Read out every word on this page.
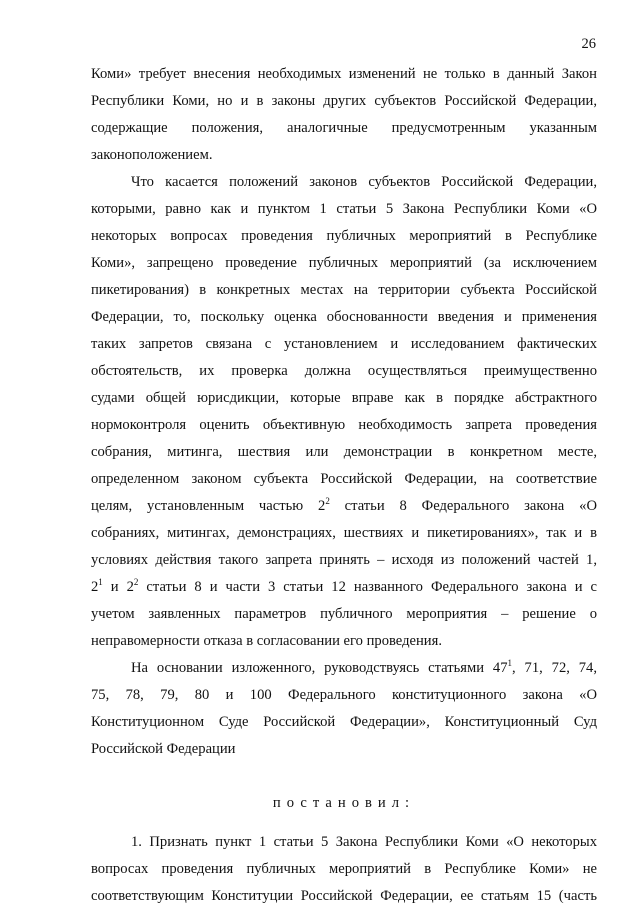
26
Коми» требует внесения необходимых изменений не только в данный Закон
Республики Коми, но и в законы других субъектов Российской Федерации,
содержащие положения, аналогичные предусмотренным указанным
законоположением.
Что касается положений законов субъектов Российской Федерации,
которыми, равно как и пунктом 1 статьи 5 Закона Республики Коми «О
некоторых вопросах проведения публичных мероприятий в Республике
Коми», запрещено проведение публичных мероприятий (за исключением
пикетирования) в конкретных местах на территории субъекта Российской
Федерации, то, поскольку оценка обоснованности введения и применения
таких запретов связана с установлением и исследованием фактических
обстоятельств, их проверка должна осуществляться преимущественно
судами общей юрисдикции, которые вправе как в порядке абстрактного
нормоконтроля оценить объективную необходимость запрета проведения
собрания, митинга, шествия или демонстрации в конкретном месте,
определенном законом субъекта Российской Федерации, на соответствие
целям, установленным частью $2^2$ статьи 8 Федерального закона «О
собраниях, митингах, демонстрациях, шествиях и пикетированиях», так и в
условиях действия такого запрета принять – исходя из положений частей 1,
$2^1$ и $2^2$ статьи 8 и части 3 статьи 12 названного Федерального закона и с
учетом заявленных параметров публичного мероприятия – решение о
неправомерности отказа в согласовании его проведения.
На основании изложенного, руководствуясь статьями $47^1$, 71, 72, 74,
75, 78, 79, 80 и 100 Федерального конституционного закона «О
Конституционном Суде Российской Федерации», Конституционный Суд
Российской Федерации
постановил:
1. Признать пункт 1 статьи 5 Закона Республики Коми «О некоторых
вопросах проведения публичных мероприятий в Республике Коми» не
соответствующим Конституции Российской Федерации, ее статьям 15 (часть
